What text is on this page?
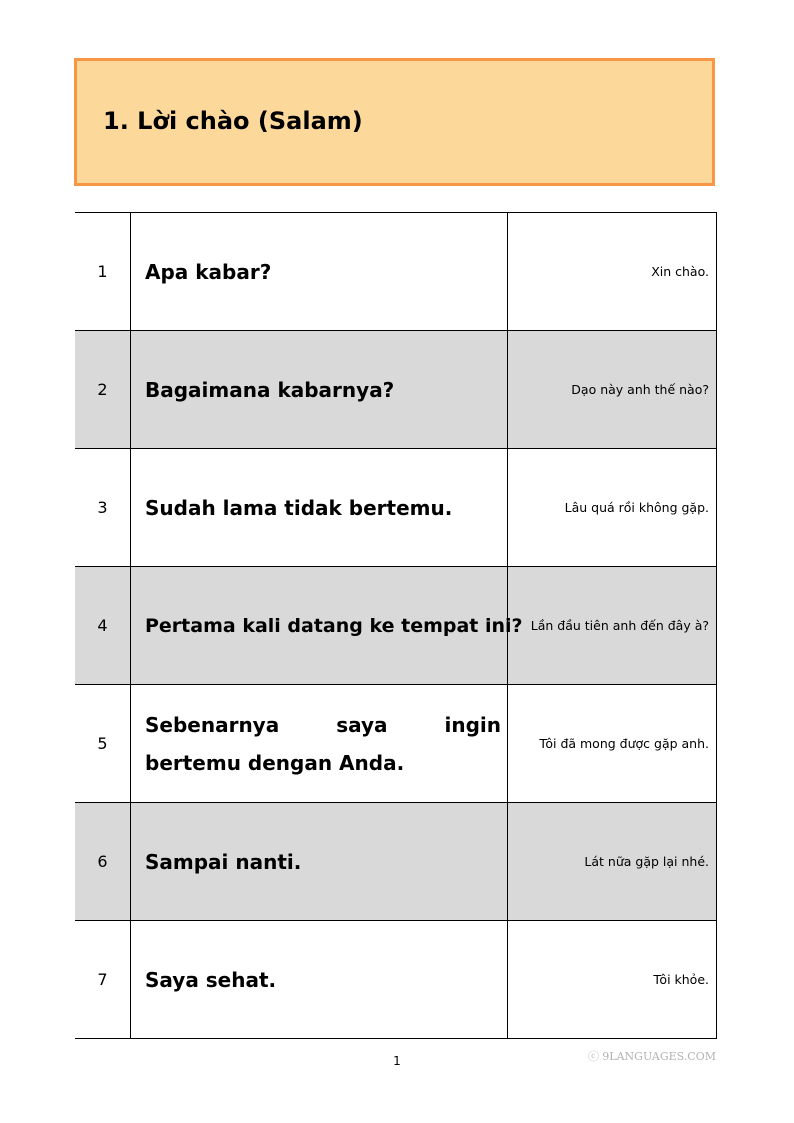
1. Lời chào (Salam)
1	Apa kabar?	Xin chào.
2	Bagaimana kabarnya?	Dạo này anh thế nào?
3	Sudah lama tidak bertemu.	Lâu quá rồi không gặp.
4	Pertama kali datang ke tempat ini?	Lần đầu tiên anh đến đây à?
5	Sebenarnya saya ingin bertemu dengan Anda.	Tôi đã mong được gặp anh.
6	Sampai nanti.	Lát nữa gặp lại nhé.
7	Saya sehat.	Tôi khỏe.
ⓒ 9LANGUAGES.COM
1
